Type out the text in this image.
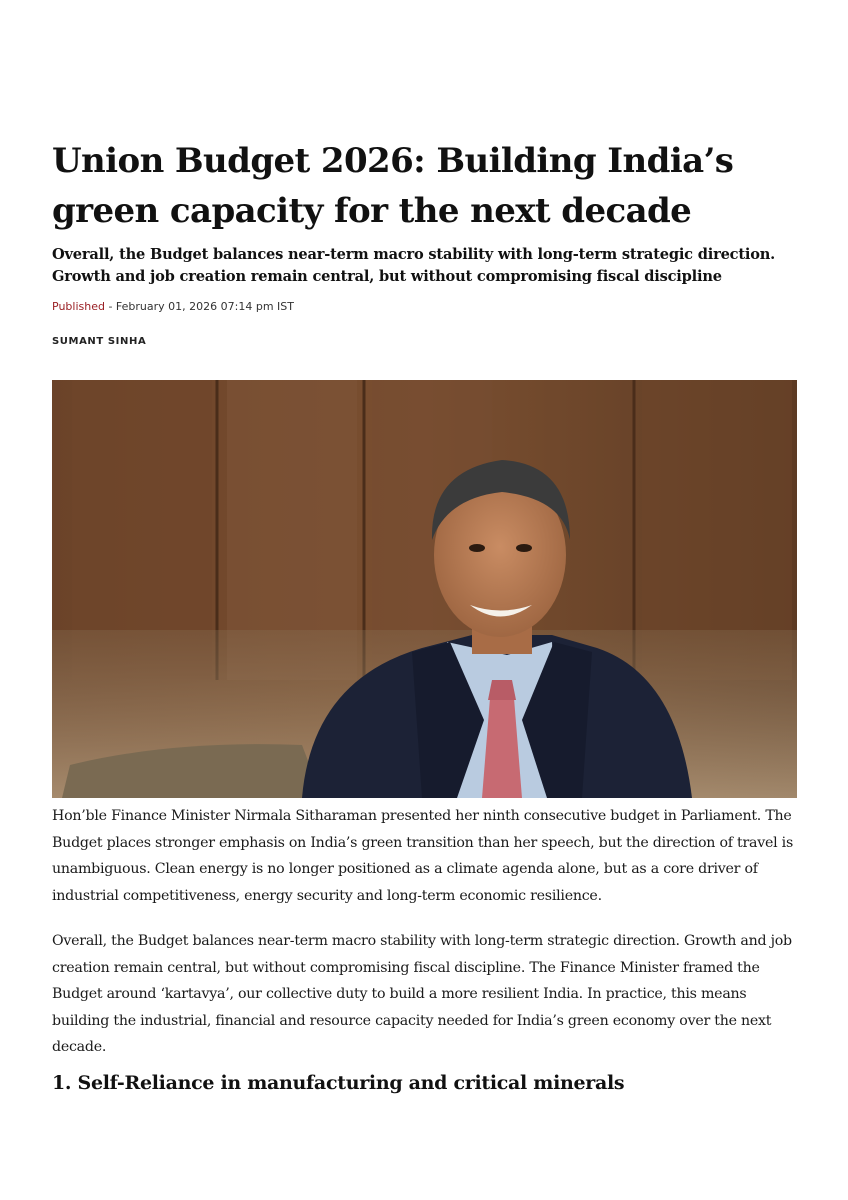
Union Budget 2026: Building India’s green capacity for the next decade
Overall, the Budget balances near-term macro stability with long-term strategic direction. Growth and job creation remain central, but without compromising fiscal discipline
Published - February 01, 2026 07:14 pm IST
SUMANT SINHA

Hon’ble Finance Minister Nirmala Sitharaman presented her ninth consecutive budget in Parliament. The Budget places stronger emphasis on India’s green transition than her speech, but the direction of travel is unambiguous. Clean energy is no longer positioned as a climate agenda alone, but as a core driver of industrial competitiveness, energy security and long-term economic resilience.

Overall, the Budget balances near-term macro stability with long-term strategic direction. Growth and job creation remain central, but without compromising fiscal discipline. The Finance Minister framed the Budget around ‘kartavya’, our collective duty to build a more resilient India. In practice, this means building the industrial, financial and resource capacity needed for India’s green economy over the next decade.

1. Self-Reliance in manufacturing and critical minerals
